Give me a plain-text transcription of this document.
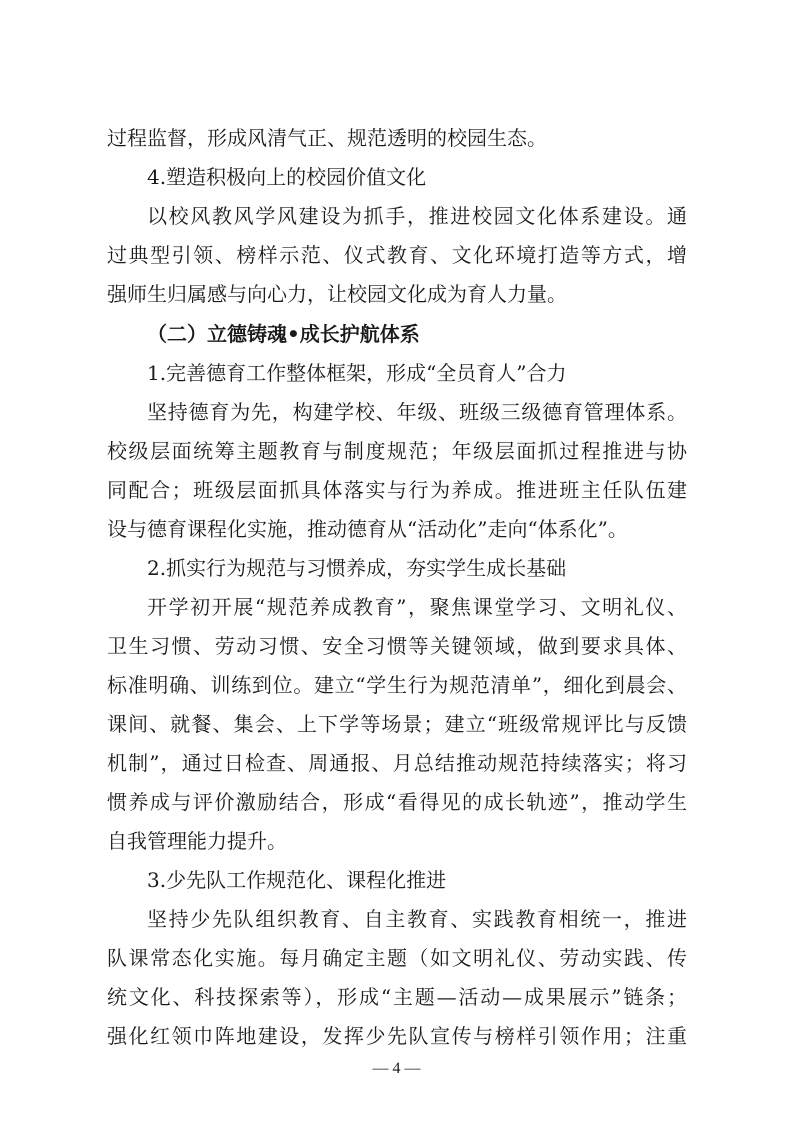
过程监督，形成风清气正、规范透明的校园生态。
4.塑造积极向上的校园价值文化
以校风教风学风建设为抓手，推进校园文化体系建设。通
过典型引领、榜样示范、仪式教育、文化环境打造等方式，增
强师生归属感与向心力，让校园文化成为育人力量。
（二）立德铸魂•成长护航体系
1.完善德育工作整体框架，形成“全员育人”合力
坚持德育为先，构建学校、年级、班级三级德育管理体系。
校级层面统筹主题教育与制度规范；年级层面抓过程推进与协
同配合；班级层面抓具体落实与行为养成。推进班主任队伍建
设与德育课程化实施，推动德育从“活动化”走向“体系化”。
2.抓实行为规范与习惯养成，夯实学生成长基础
开学初开展“规范养成教育”，聚焦课堂学习、文明礼仪、
卫生习惯、劳动习惯、安全习惯等关键领域，做到要求具体、
标准明确、训练到位。建立“学生行为规范清单”，细化到晨会、
课间、就餐、集会、上下学等场景；建立“班级常规评比与反馈
机制”，通过日检查、周通报、月总结推动规范持续落实；将习
惯养成与评价激励结合，形成“看得见的成长轨迹”，推动学生
自我管理能力提升。
3.少先队工作规范化、课程化推进
坚持少先队组织教育、自主教育、实践教育相统一，推进
队课常态化实施。每月确定主题（如文明礼仪、劳动实践、传
统文化、科技探索等），形成“主题—活动—成果展示”链条；
强化红领巾阵地建设，发挥少先队宣传与榜样引领作用；注重
— 4 —
